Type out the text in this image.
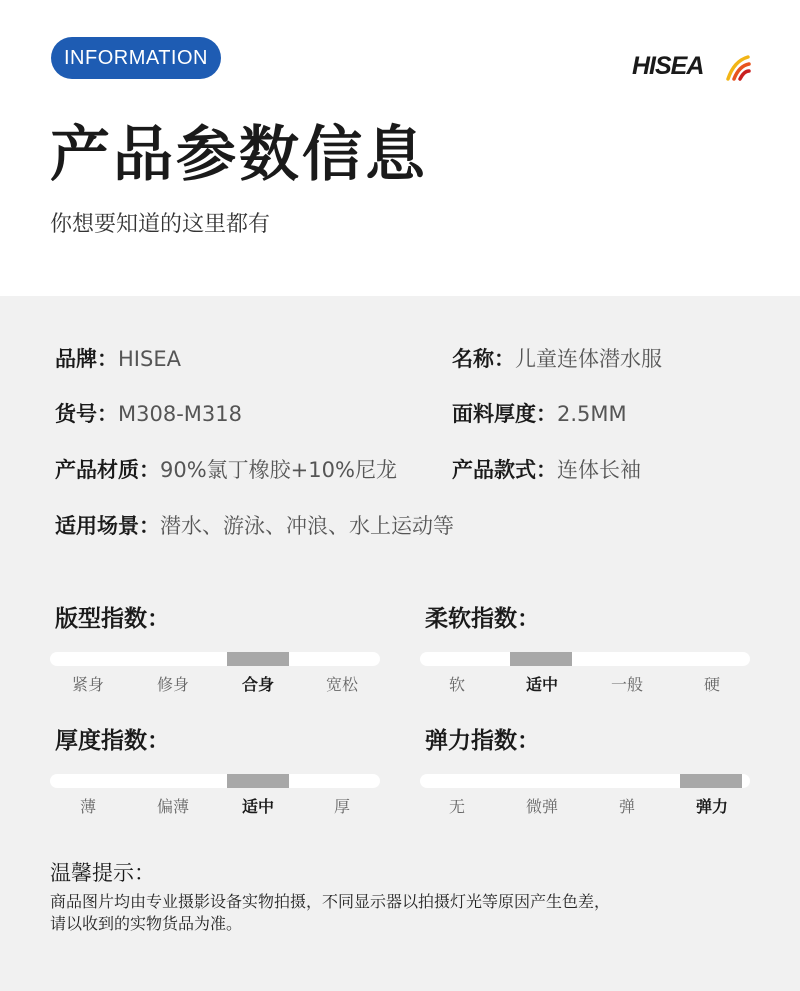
INFORMATION	HISEA
产品参数信息
你想要知道的这里都有
品牌：HISEA	名称：儿童连体潜水服
货号：M308-M318	面料厚度：2.5MM
产品材质：90%氯丁橡胶+10%尼龙	产品款式：连体长袖
适用场景：潜水、游泳、冲浪、水上运动等
版型指数：
紧身	修身	合身	宽松
柔软指数：
软	适中	一般	硬
厚度指数：
薄	偏薄	适中	厚
弹力指数：
无	微弹	弹	弹力
温馨提示：
商品图片均由专业摄影设备实物拍摄，不同显示器以拍摄灯光等原因产生色差，
请以收到的实物货品为准。
